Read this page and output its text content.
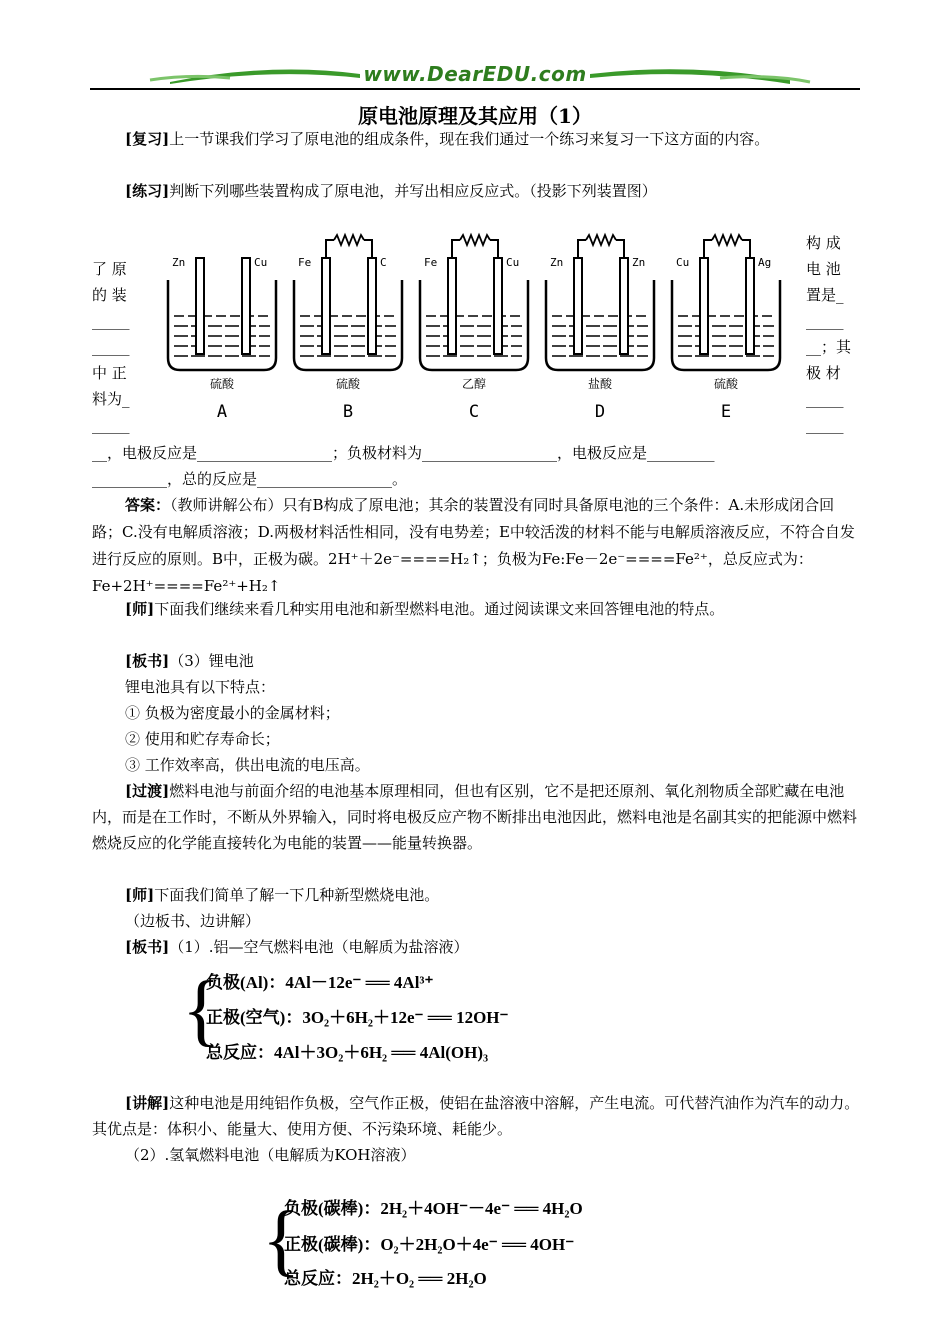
www.DearEDU.com
原电池原理及其应用（1）
[复习]上一节课我们学习了原电池的组成条件，现在我们通过一个练习来复习一下这方面的内容。
[练习]判断下列哪些装置构成了原电池，并写出相应反应式。（投影下列装置图）
了 原
的 装
_____
_____
中 正
料为_
_____
构 成
电 池
置是_
_____
__；其
极 材
_____
_____
Zn	Cu
硫酸
A
Fe	C
硫酸
B
Fe	Cu
乙醇
C
Zn	Zn
盐酸
D
Cu	Ag
硫酸
E
__，电极反应是__________________；负极材料为__________________，电极反应是_________
__________，总的反应是__________________。
答案：（教师讲解公布）只有B构成了原电池；其余的装置没有同时具备原电池的三个条件：A.未形成闭合回路；C.没有电解质溶液；D.两极材料活性相同，没有电势差；E中较活泼的材料不能与电解质溶液反应，不符合自发进行反应的原则。B中，正极为碳。2H⁺＋2e⁻====H₂↑；负极为Fe:Fe－2e⁻====Fe²⁺，总反应式为：Fe+2H⁺====Fe²⁺+H₂↑
[师]下面我们继续来看几种实用电池和新型燃料电池。通过阅读课文来回答锂电池的特点。
[板书]（3）锂电池
锂电池具有以下特点：
① 负极为密度最小的金属材料；
② 使用和贮存寿命长；
③ 工作效率高，供出电流的电压高。
[过渡]燃料电池与前面介绍的电池基本原理相同，但也有区别，它不是把还原剂、氧化剂物质全部贮藏在电池内，而是在工作时，不断从外界输入，同时将电极反应产物不断排出电池因此，燃料电池是名副其实的把能源中燃料燃烧反应的化学能直接转化为电能的装置——能量转换器。
[师]下面我们简单了解一下几种新型燃烧电池。
（边板书、边讲解）
[板书]（1）.铝—空气燃料电池（电解质为盐溶液）
{
负极(Al)：4Al－12e⁻ ══ 4Al³⁺
正极(空气)：3O₂＋6H₂＋12e⁻ ══ 12OH⁻
总反应：4Al＋3O₂＋6H₂ ══ 4Al(OH)₃
[讲解]这种电池是用纯铝作负极，空气作正极，使铝在盐溶液中溶解，产生电流。可代替汽油作为汽车的动力。其优点是：体积小、能量大、使用方便、不污染环境、耗能少。
（2）.氢氧燃料电池（电解质为KOH溶液）
{
负极(碳棒)：2H₂＋4OH⁻－4e⁻ ══ 4H₂O
正极(碳棒)：O₂＋2H₂O＋4e⁻ ══ 4OH⁻
总反应：2H₂＋O₂ ══ 2H₂O
